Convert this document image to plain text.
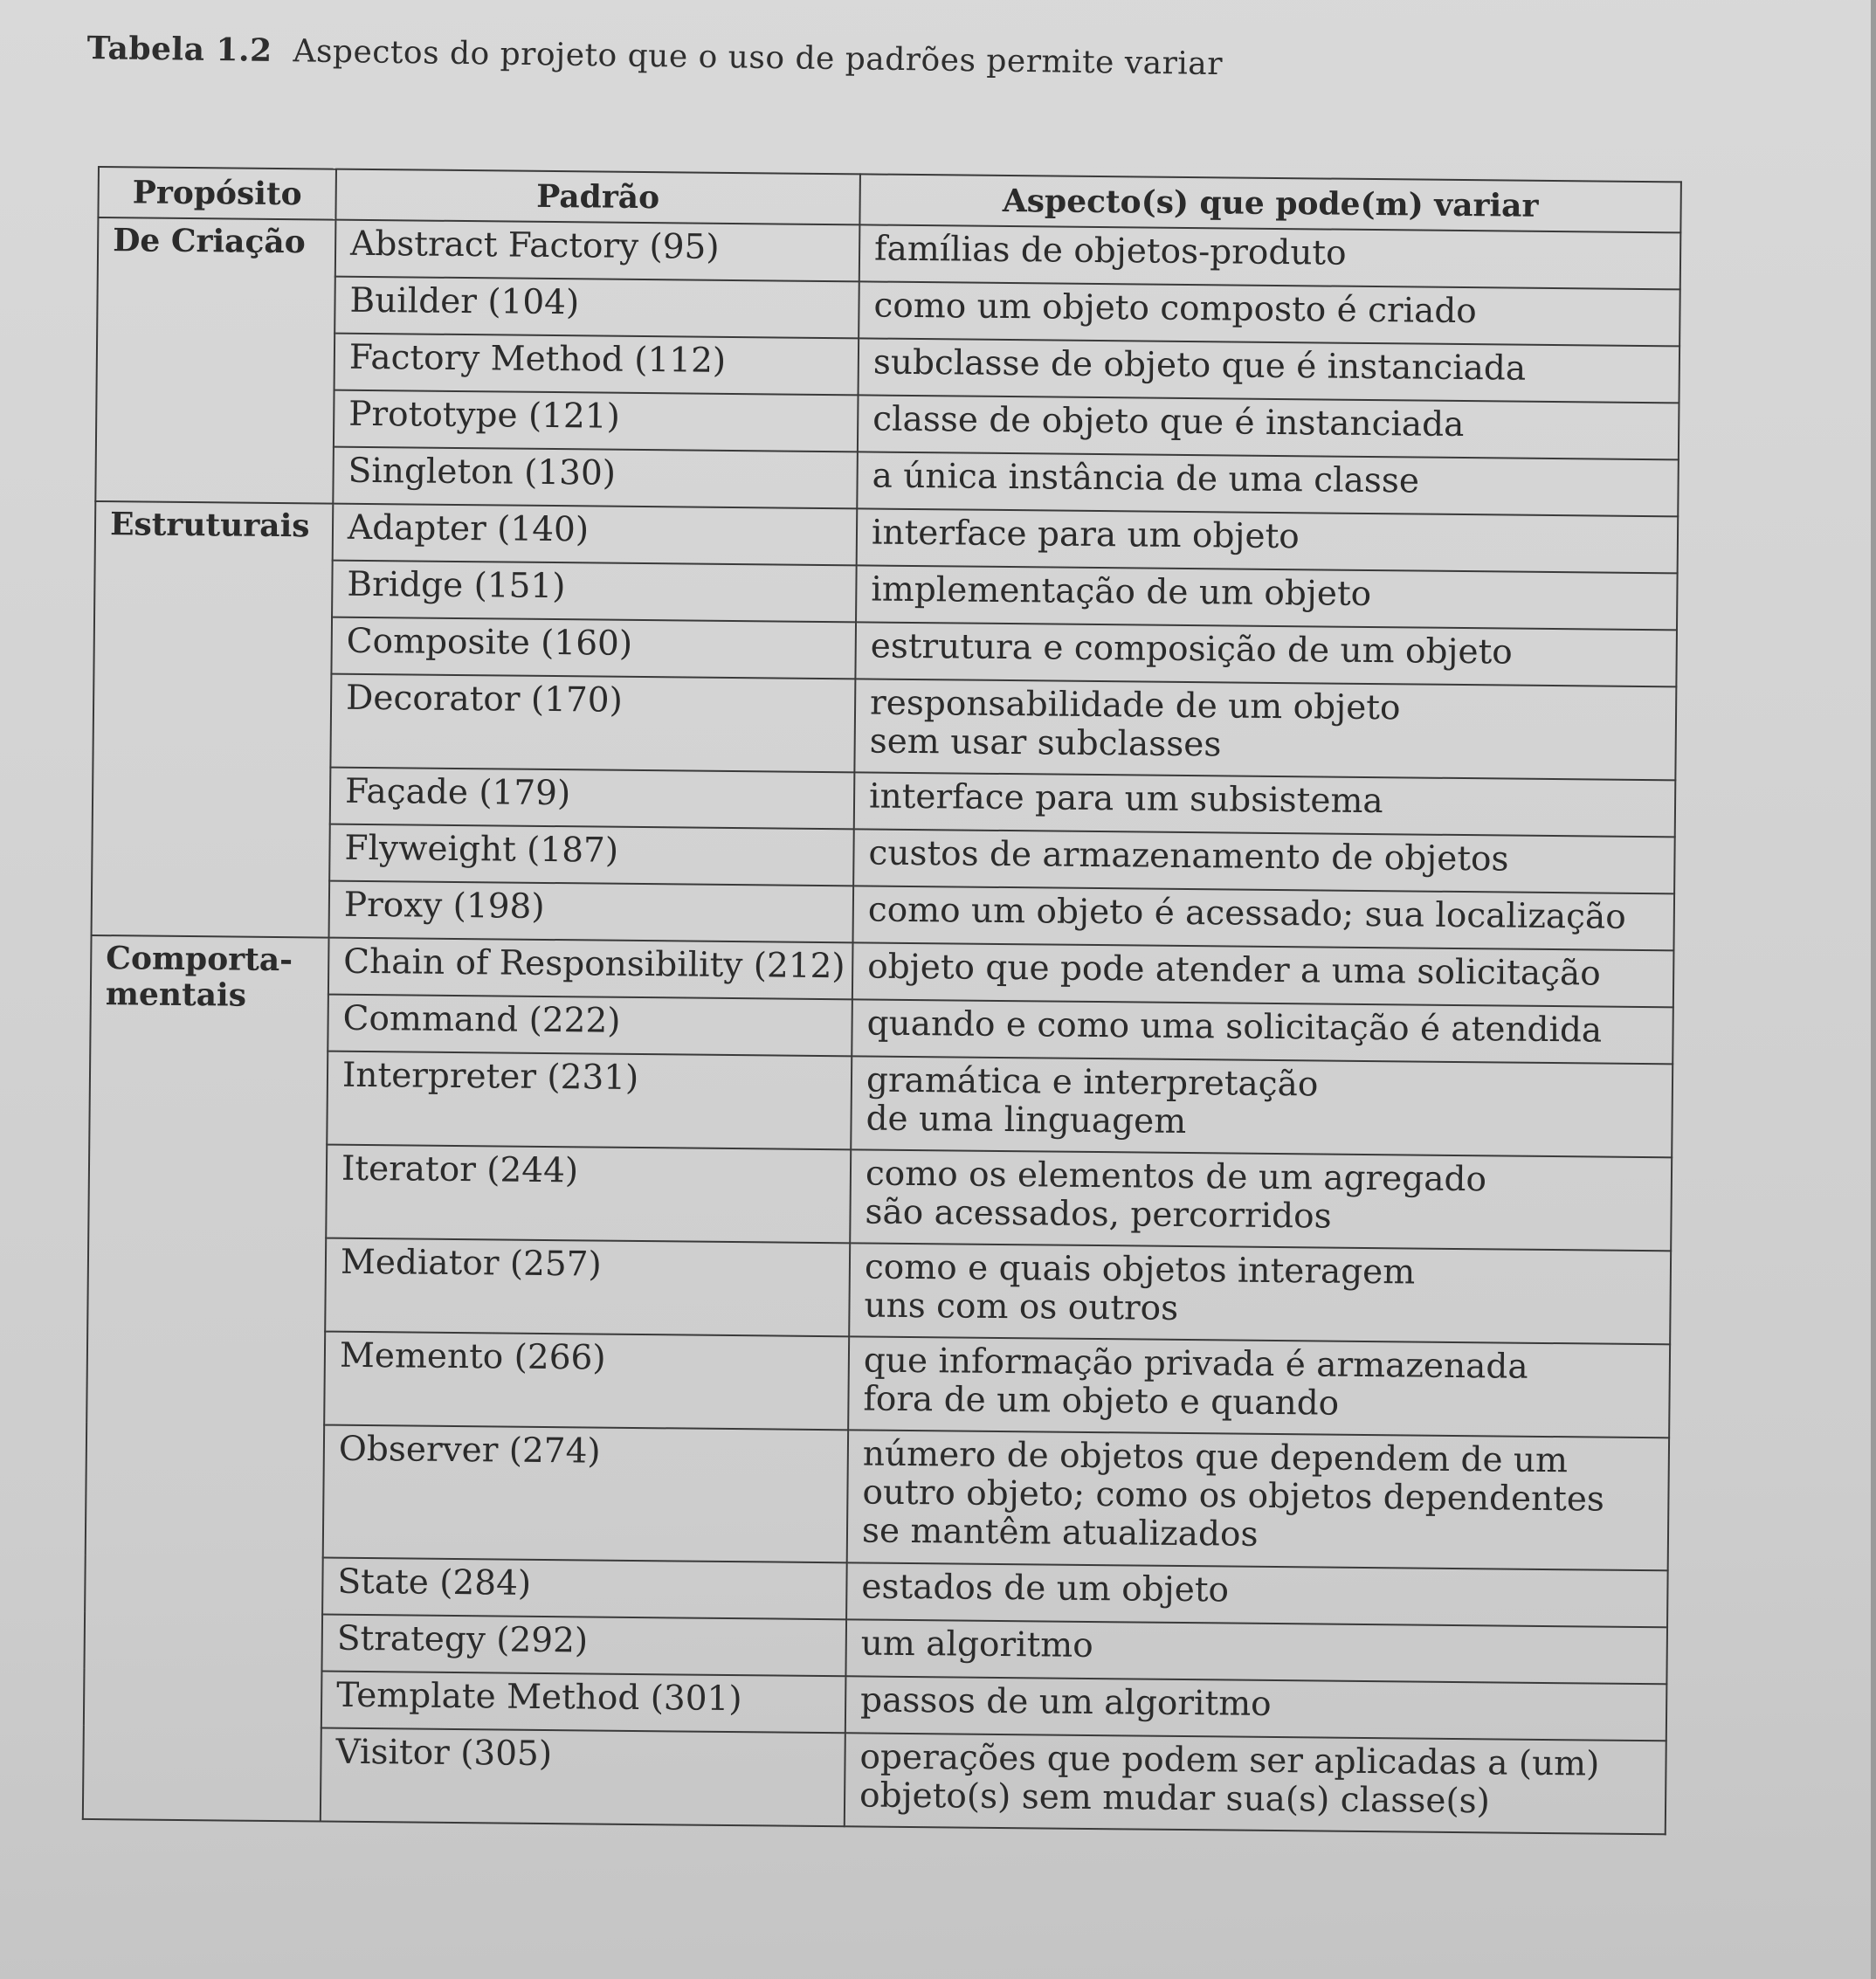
Tabela 1.2 Aspectos do projeto que o uso de padrões permite variar
Propósito	Padrão	Aspecto(s) que pode(m) variar

De Criação	Abstract Factory (95)	famílias de objetos-produto

	Builder (104)	como um objeto composto é criado

	Factory Method (112)	subclasse de objeto que é instanciada

	Prototype (121)	classe de objeto que é instanciada

	Singleton (130)	a única instância de uma classe

Estruturais	Adapter (140)	interface para um objeto

	Bridge (151)	implementação de um objeto

	Composite (160)	estrutura e composição de um objeto

	Decorator (170)	responsabilidade de um objeto
sem usar subclasses

	Façade (179)	interface para um subsistema

	Flyweight (187)	custos de armazenamento de objetos

	Proxy (198)	como um objeto é acessado; sua localização

Comporta-
mentais	Chain of Responsibility (212)	objeto que pode atender a uma solicitação

	Command (222)	quando e como uma solicitação é atendida

	Interpreter (231)	gramática e interpretação
de uma linguagem

	Iterator (244)	como os elementos de um agregado
são acessados, percorridos

	Mediator (257)	como e quais objetos interagem
uns com os outros

	Memento (266)	que informação privada é armazenada
fora de um objeto e quando

	Observer (274)	número de objetos que dependem de um
outro objeto; como os objetos dependentes
se mantêm atualizados

	State (284)	estados de um objeto

	Strategy (292)	um algoritmo

	Template Method (301)	passos de um algoritmo

	Visitor (305)	operações que podem ser aplicadas a (um)
objeto(s) sem mudar sua(s) classe(s)
